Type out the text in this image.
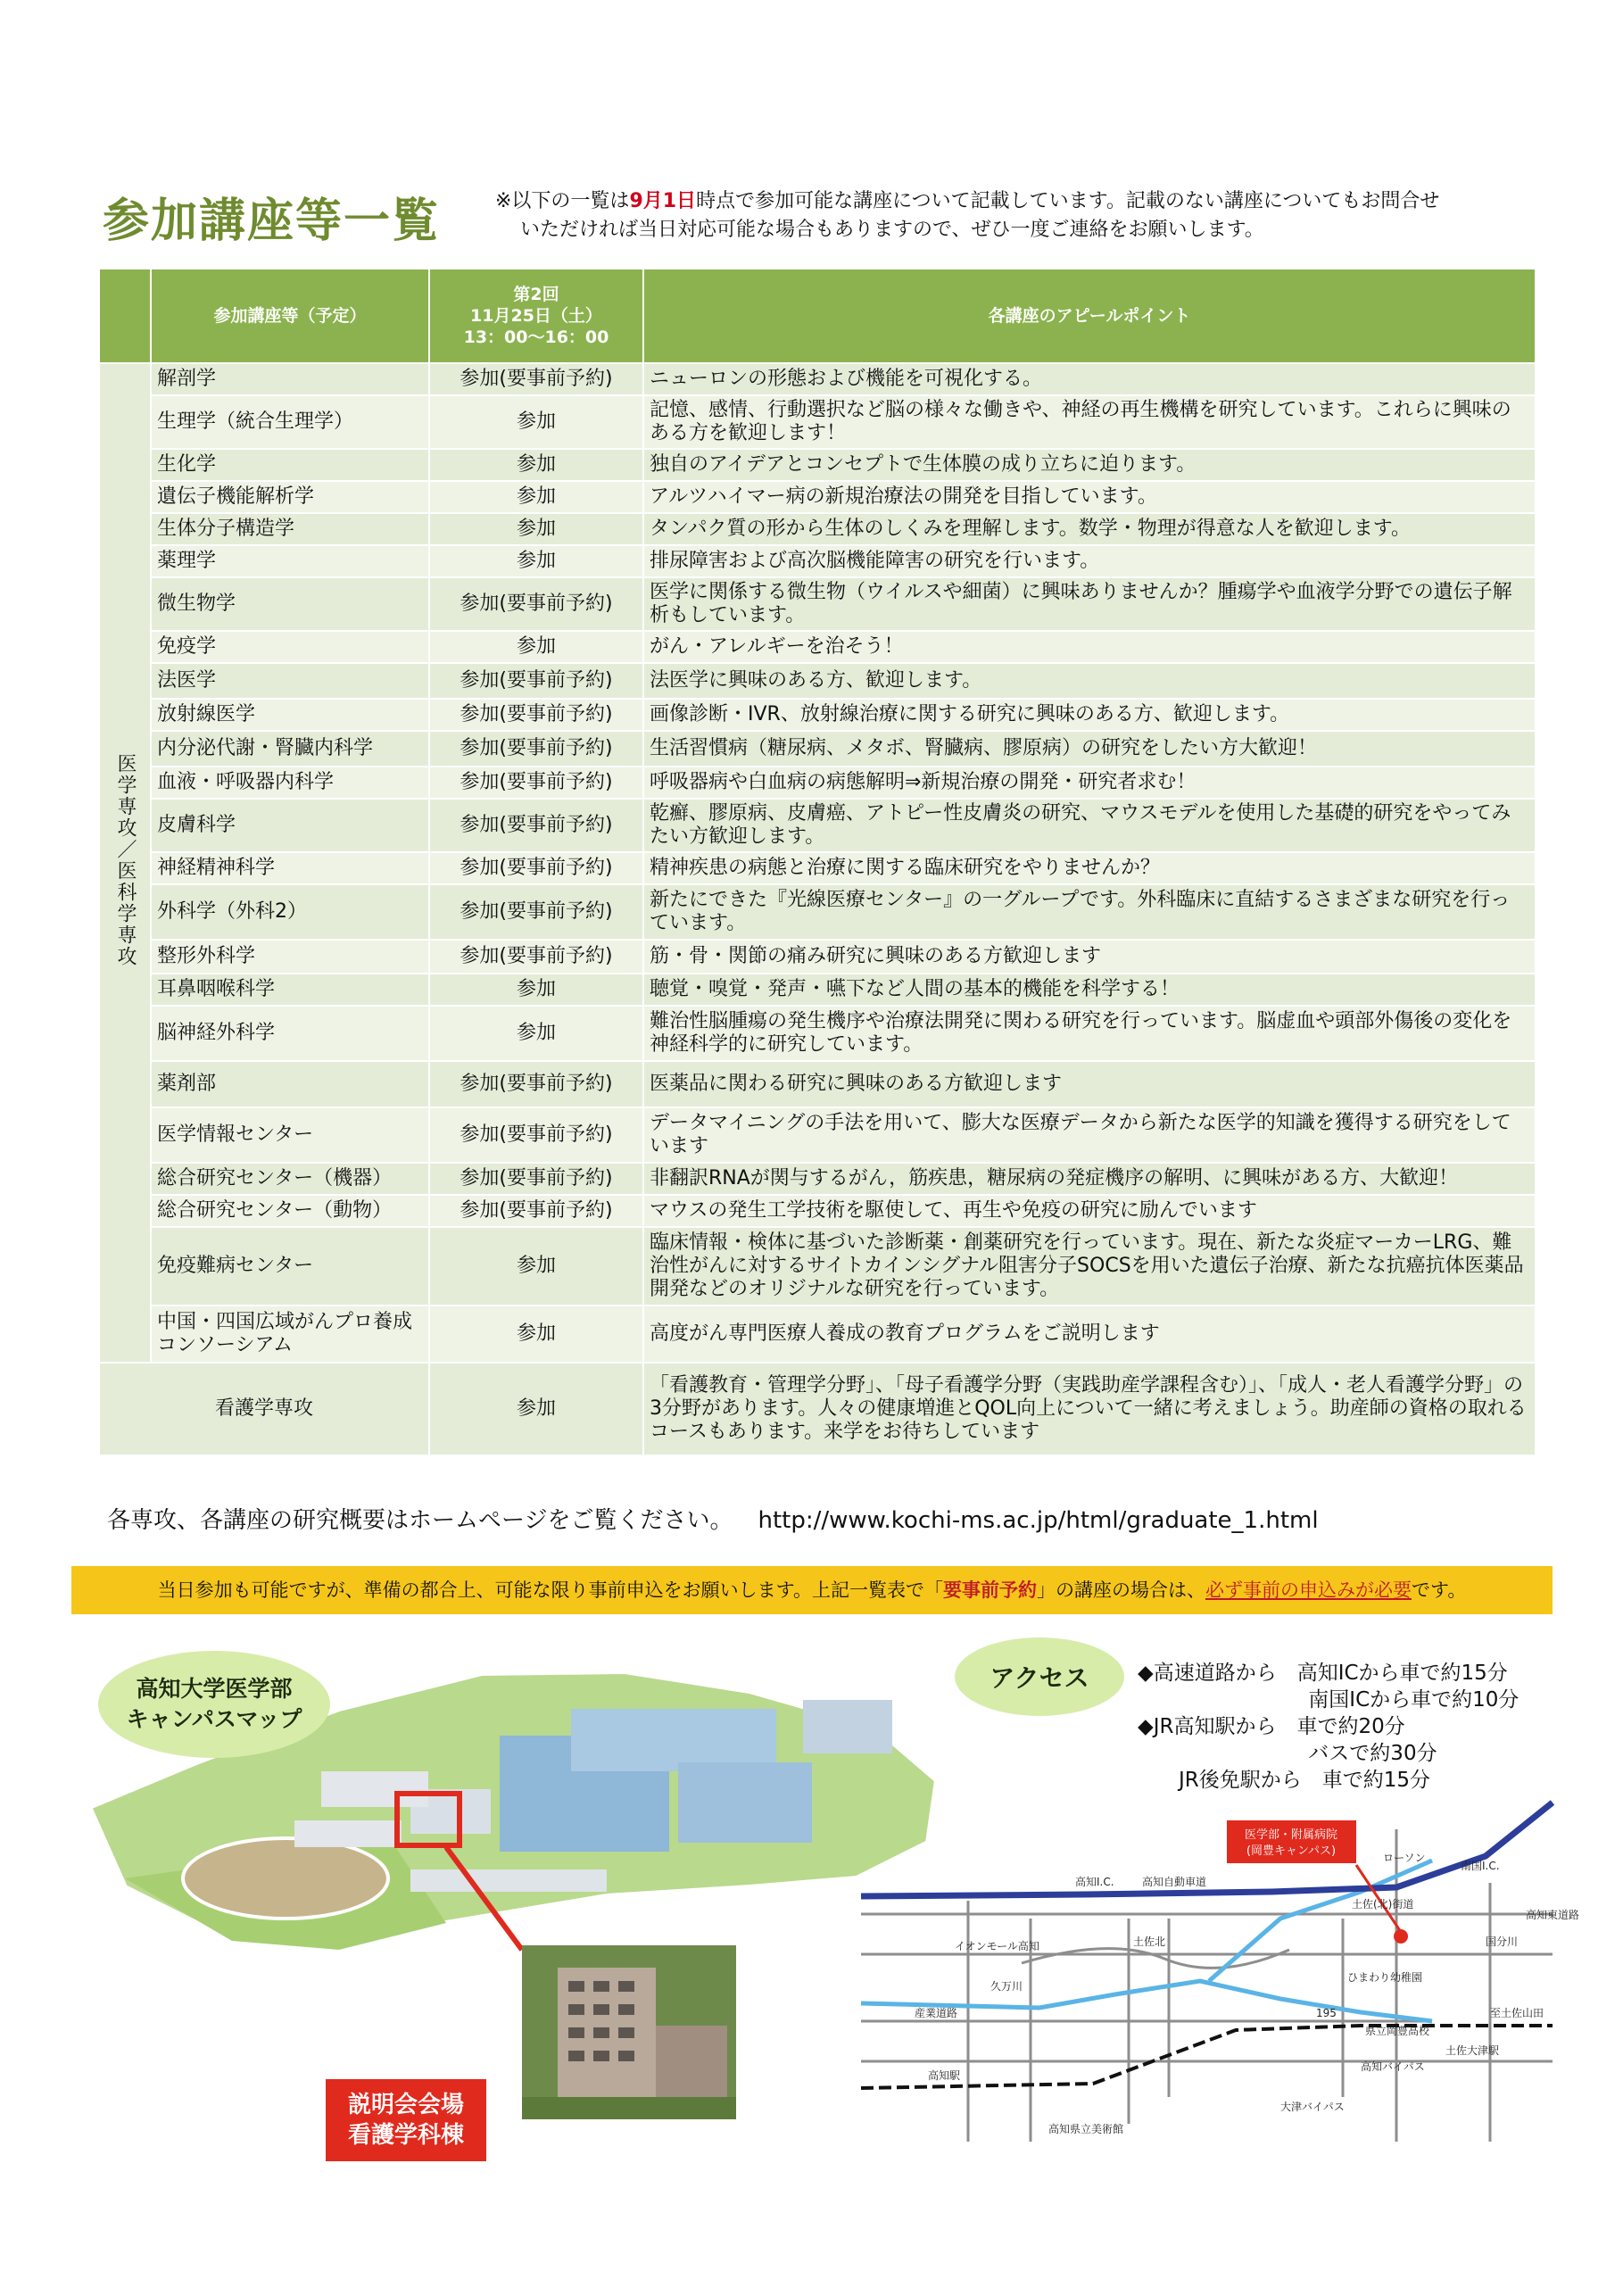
参加講座等一覧	※以下の一覧は9月1日時点で参加可能な講座について記載しています。記載のない講座についてもお問合せ
いただければ当日対応可能な場合もありますので、ぜひ一度ご連絡をお願いします。
	参加講座等（予定）	第2回
11月25日（土）
13：00〜16：00	各講座のアピールポイント
医学専攻／医科学専攻	解剖学	参加(要事前予約)	ニューロンの形態および機能を可視化する。
	生理学（統合生理学）	参加	記憶、感情、行動選択など脳の様々な働きや、神経の再生機構を研究しています。これらに興味のある方を歓迎します！
	生化学	参加	独自のアイデアとコンセプトで生体膜の成り立ちに迫ります。
	遺伝子機能解析学	参加	アルツハイマー病の新規治療法の開発を目指しています。
	生体分子構造学	参加	タンパク質の形から生体のしくみを理解します。数学・物理が得意な人を歓迎します。
	薬理学	参加	排尿障害および高次脳機能障害の研究を行います。
	微生物学	参加(要事前予約)	医学に関係する微生物（ウイルスや細菌）に興味ありませんか？腫瘍学や血液学分野での遺伝子解析もしています。
	免疫学	参加	がん・アレルギーを治そう！
	法医学	参加(要事前予約)	法医学に興味のある方、歓迎します。
	放射線医学	参加(要事前予約)	画像診断・IVR、放射線治療に関する研究に興味のある方、歓迎します。
	内分泌代謝・腎臓内科学	参加(要事前予約)	生活習慣病（糖尿病、メタボ、腎臓病、膠原病）の研究をしたい方大歓迎！
	血液・呼吸器内科学	参加(要事前予約)	呼吸器病や白血病の病態解明⇒新規治療の開発・研究者求む！
	皮膚科学	参加(要事前予約)	乾癬、膠原病、皮膚癌、アトピー性皮膚炎の研究、マウスモデルを使用した基礎的研究をやってみたい方歓迎します。
	神経精神科学	参加(要事前予約)	精神疾患の病態と治療に関する臨床研究をやりませんか？
	外科学（外科2）	参加(要事前予約)	新たにできた『光線医療センター』の一グループです。外科臨床に直結するさまざまな研究を行っています。
	整形外科学	参加(要事前予約)	筋・骨・関節の痛み研究に興味のある方歓迎します
	耳鼻咽喉科学	参加	聴覚・嗅覚・発声・嚥下など人間の基本的機能を科学する！
	脳神経外科学	参加	難治性脳腫瘍の発生機序や治療法開発に関わる研究を行っています。脳虚血や頭部外傷後の変化を神経科学的に研究しています。
	薬剤部	参加(要事前予約)	医薬品に関わる研究に興味のある方歓迎します
	医学情報センター	参加(要事前予約)	データマイニングの手法を用いて、膨大な医療データから新たな医学的知識を獲得する研究をしています
	総合研究センター（機器）	参加(要事前予約)	非翻訳RNAが関与するがん，筋疾患，糖尿病の発症機序の解明、に興味がある方、大歓迎！
	総合研究センター（動物）	参加(要事前予約)	マウスの発生工学技術を駆使して、再生や免疫の研究に励んでいます
	免疫難病センター	参加	臨床情報・検体に基づいた診断薬・創薬研究を行っています。現在、新たな炎症マーカーLRG、難治性がんに対するサイトカインシグナル阻害分子SOCSを用いた遺伝子治療、新たな抗癌抗体医薬品開発などのオリジナルな研究を行っています。
	中国・四国広域がんプロ養成コンソーシアム	参加	高度がん専門医療人養成の教育プログラムをご説明します
看護学専攻		参加	「看護教育・管理学分野」、「母子看護学分野（実践助産学課程含む）」、「成人・老人看護学分野」の3分野があります。人々の健康増進とQOL向上について一緒に考えましょう。助産師の資格の取れるコースもあります。来学をお待ちしています
各専攻、各講座の研究概要はホームページをご覧ください。 http://www.kochi-ms.ac.jp/html/graduate_1.html
当日参加も可能ですが、準備の都合上、可能な限り事前申込をお願いします。上記一覧表で「要事前予約」の講座の場合は、必ず事前の申込みが必要です。
高知大学医学部
キャンパスマップ
説明会会場
看護学科棟
アクセス	◆高速道路から　高知ICから車で約15分
　　　　　　　　 南国ICから車で約10分
◆JR高知駅から　車で約20分
　　　　　　　　 バスで約30分
　　JR後免駅から　車で約15分
医学部・附属病院
(岡豊キャンパス)
南国I.C.
ローソン
高知I.C.	高知自動車道
土佐(北)街道
国分川
イオンモール高知
高知東道路
久万川
ひまわり幼稚園
産業道路	195
県立岡豊高校
至土佐山田
高知駅
土佐大津駅
大津バイパス
高知バイパス
高知県立美術館
土佐北
